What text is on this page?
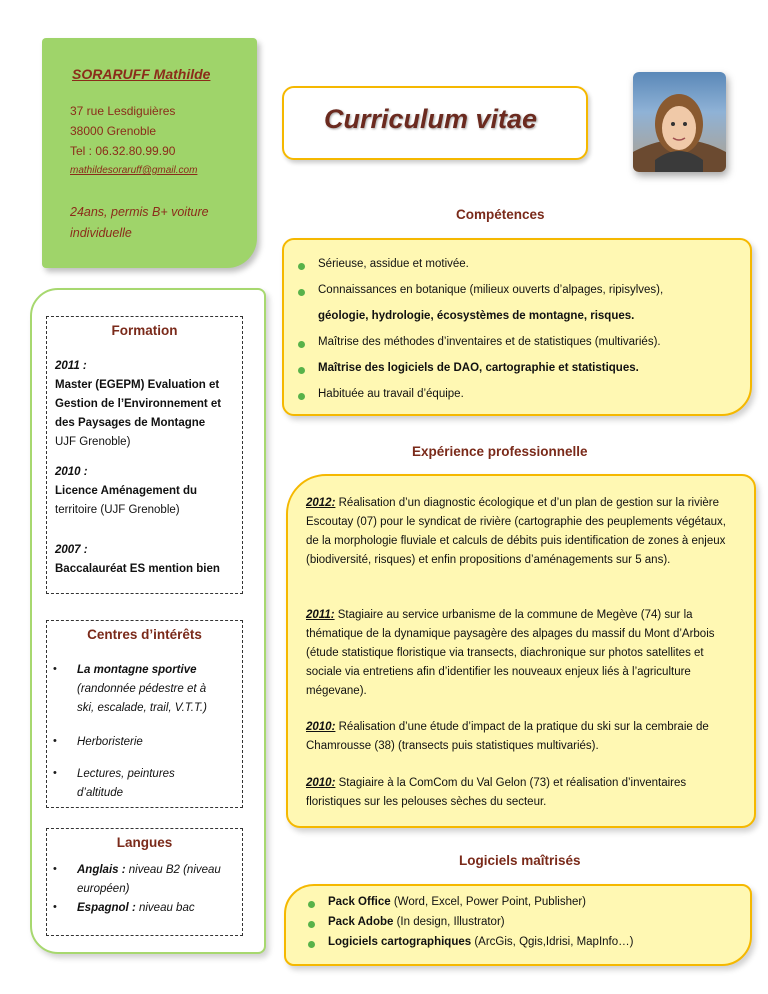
SORARUFF Mathilde
37 rue Lesdiguières
38000 Grenoble
Tel : 06.32.80.99.90
mathildesoraruff@gmail.com
24ans, permis B+ voiture individuelle
Curriculum vitae
Formation
2011 :
Master (EGEPM) Evaluation et
Gestion de l’Environnement et
des Paysages de Montagne
UJF Grenoble)
2010 :
Licence Aménagement du
territoire (UJF Grenoble)
2007 :
Baccalauréat ES mention bien
Centres d’intérêts
• La montagne sportive
(randonnée pédestre et à
ski, escalade, trail, V.T.T.)
• Herboristerie
• Lectures, peintures
d’altitude
Langues
• Anglais : niveau B2 (niveau
européen)
• Espagnol : niveau bac
Compétences
Sérieuse, assidue et motivée.
Connaissances en botanique (milieux ouverts d’alpages, ripisylves),
géologie, hydrologie, écosystèmes de montagne, risques.
Maîtrise des méthodes d’inventaires et de statistiques (multivariés).
Maîtrise des logiciels de DAO, cartographie et statistiques.
Habituée au travail d’équipe.
Expérience professionnelle
2012: Réalisation d’un diagnostic écologique et d’un plan de gestion sur la rivière Escoutay (07) pour le syndicat de rivière (cartographie des peuplements végétaux, de la morphologie fluviale et calculs de débits puis identification de zones à enjeux (biodiversité, risques) et enfin propositions d’aménagements sur 5 ans).
2011: Stagiaire au service urbanisme de la commune de Megève (74) sur la thématique de la dynamique paysagère des alpages du massif du Mont d’Arbois (étude statistique floristique via transects, diachronique sur photos satellites et sociale via entretiens afin d’identifier les nouveaux enjeux liés à l’agriculture mégevane).
2010: Réalisation d’une étude d’impact de la pratique du ski sur la cembraie de Chamrousse (38) (transects puis statistiques multivariés).
2010: Stagiaire à la ComCom du Val Gelon (73) et réalisation d’inventaires floristiques sur les pelouses sèches du secteur.
Logiciels maîtrisés
Pack Office (Word, Excel, Power Point, Publisher)
Pack Adobe (In design, Illustrator)
Logiciels cartographiques (ArcGis, Qgis,Idrisi, MapInfo…)
